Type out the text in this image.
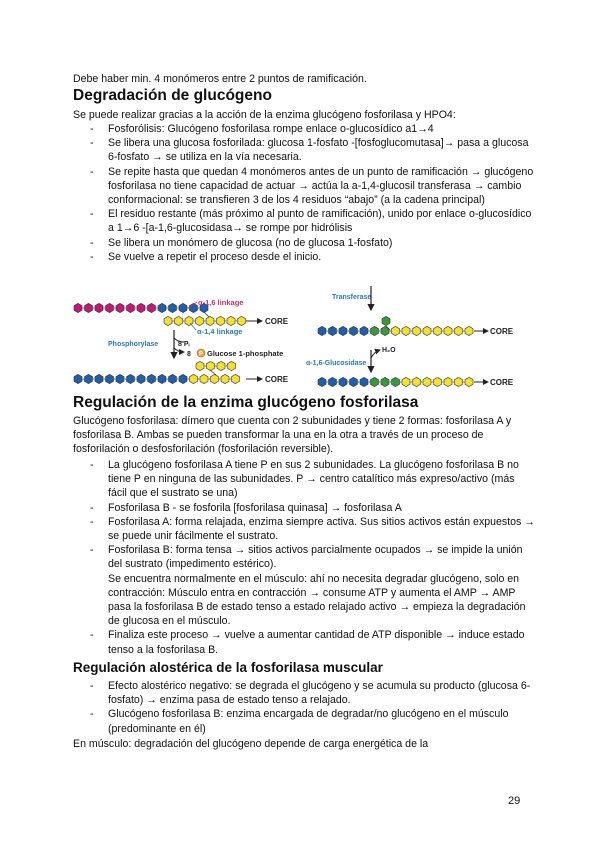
Debe haber min. 4 monómeros entre 2 puntos de ramificación.

Degradación de glucógeno

Se puede realizar gracias a la acción de la enzima glucógeno fosforilasa y HPO4:

- Fosforólisis: Glucógeno fosforilasa rompe enlace o-glucosídico a1→4
- Se libera una glucosa fosforilada: glucosa 1-fosfato -[fosfoglucomutasa]→ pasa a glucosa 6-fosfato → se utiliza en la vía necesaria.
- Se repite hasta que quedan 4 monómeros antes de un punto de ramificación → glucógeno fosforilasa no tiene capacidad de actuar → actúa la a-1,4-glucosil transferasa → cambio conformacional: se transfieren 3 de los 4 residuos “abajo” (a la cadena principal)
- El residuo restante (más próximo al punto de ramificación), unido por enlace o-glucosídico a 1→6 -[a-1,6-glucosidasa→ se rompe por hidrólisis
- Se libera un monómero de glucosa (no de glucosa 1-fosfato)
- Se vuelve a repetir el proceso desde el inicio.
CORE
CORE
CORE
CORE
α-1,6 linkage
α-1,4 linkage
8 Pᵢ
Phosphorylase
8 P Glucose 1-phosphate
Transferase
H₂O
α-1,6-Glucosidase
Regulación de la enzima glucógeno fosforilasa

Glucógeno fosforilasa: dímero que cuenta con 2 subunidades y tiene 2 formas: fosforilasa A y fosforilasa B. Ambas se pueden transformar la una en la otra a través de un proceso de fosforilación o desfosforilación (fosforilación reversible).

- La glucógeno fosforilasa A tiene P en sus 2 subunidades. La glucógeno fosforilasa B no tiene P en ninguna de las subunidades. P → centro catalítico más expreso/activo (más fácil que el sustrato se una)
- Fosforilasa B - se fosforila [fosforilasa quinasa] → fosforilasa A
- Fosforilasa A: forma relajada, enzima siempre activa. Sus sitios activos están expuestos → se puede unir fácilmente el sustrato.
- Fosforilasa B: forma tensa → sitios activos parcialmente ocupados → se impide la unión del sustrato (impedimento estérico).
Se encuentra normalmente en el músculo: ahí no necesita degradar glucógeno, solo en contracción: Músculo entra en contracción → consume ATP y aumenta el AMP → AMP pasa la fosforilasa B de estado tenso a estado relajado activo → empieza la degradación de glucosa en el músculo.
- Finaliza este proceso → vuelve a aumentar cantidad de ATP disponible → induce estado tenso a la fosforilasa B.
Regulación alostérica de la fosforilasa muscular
- Efecto alostérico negativo: se degrada el glucógeno y se acumula su producto (glucosa 6-fosfato) → enzima pasa de estado tenso a relajado.
- Glucógeno fosforilasa B: enzima encargada de degradar/no glucógeno en el músculo (predominante en él)

En músculo: degradación del glucógeno depende de carga energética de la

29
